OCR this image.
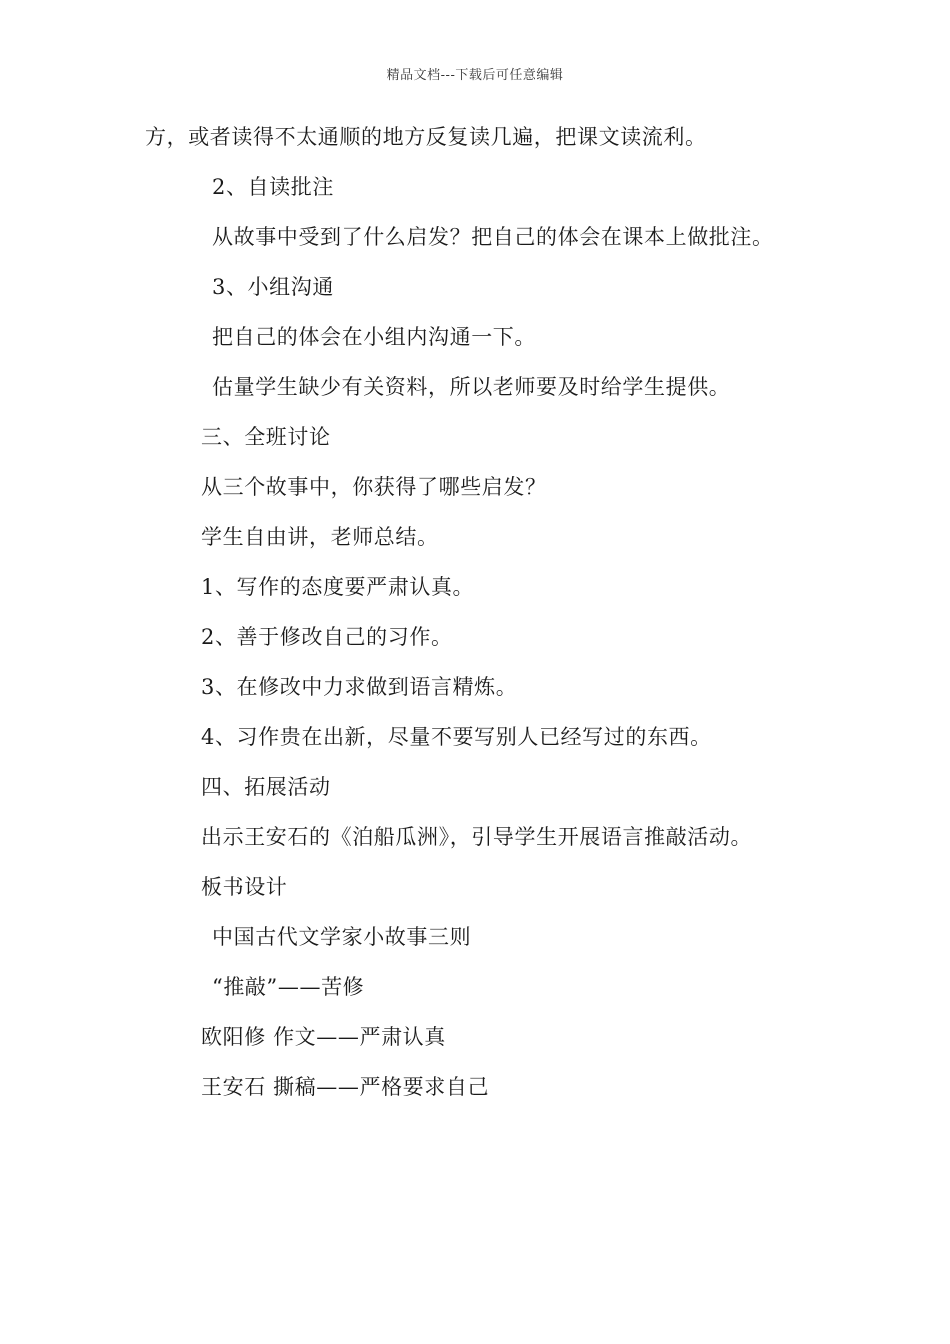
精品文档---下载后可任意编辑
方，或者读得不太通顺的地方反复读几遍，把课文读流利。
2、自读批注
从故事中受到了什么启发？把自己的体会在课本上做批注。
3、小组沟通
把自己的体会在小组内沟通一下。
估量学生缺少有关资料，所以老师要及时给学生提供。
三、全班讨论
从三个故事中，你获得了哪些启发？
学生自由讲，老师总结。
1、写作的态度要严肃认真。
2、善于修改自己的习作。
3、在修改中力求做到语言精炼。
4、习作贵在出新，尽量不要写别人已经写过的东西。
四、拓展活动
出示王安石的《泊船瓜洲》，引导学生开展语言推敲活动。
板书设计
中国古代文学家小故事三则
“推敲”——苦修
欧阳修 作文——严肃认真
王安石 撕稿——严格要求自己
